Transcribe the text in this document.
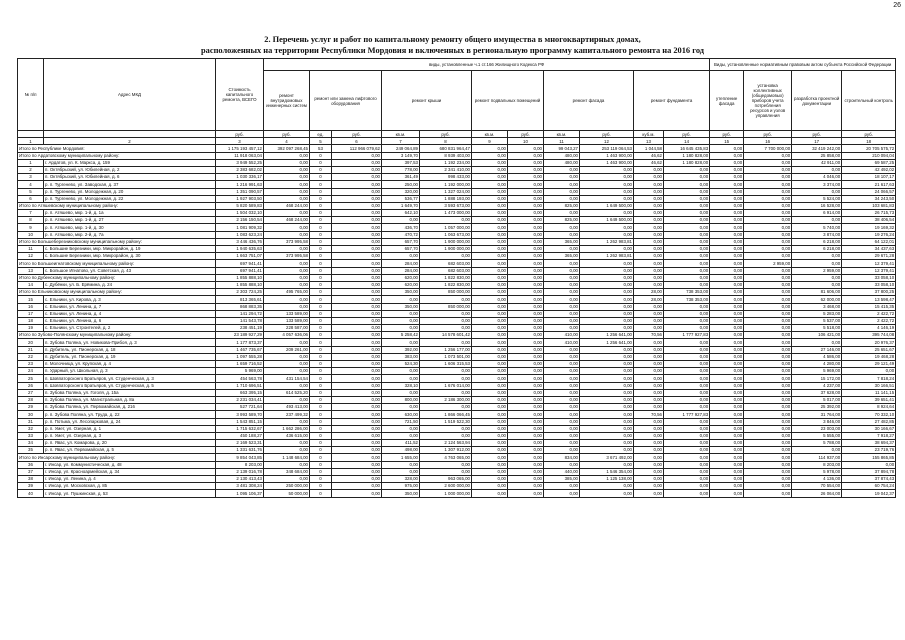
26
2. Перечень услуг и работ по капитальному ремонту общего имущества в многоквартирных домах,
расположенных на территории Республики Мордовия и включенных в региональную программу капитального ремонта на 2016 год
№ п/п	Адрес МКД	Стоимость капитального ремонта, ВСЕГО	виды, установленные ч.1 ст.166 Жилищного Кодекса РФ											Виды, установленные нормативным правовым актом субъекта Российской Федерации			
			ремонт внутридомовых инженерных систем	ремонт или замена лифтового оборудования		ремонт крыши		ремонт подвальных помещений		ремонт фасада		ремонт фундамента		утепление фасада	установка коллективных (общедомовых) приборов учета потребления ресурсов и узлов управления	разработка проектной документации	строительный контроль
		руб.	руб.	ед.	руб.	кв.м.	руб.	кв.м.	руб.	кв.м.	руб.	куб.м.	руб.	руб.	руб.	руб.	руб.
1	2	3	4	5	6	7	8	9	10	11	12	13	14	15	16	17	18
Итого по Республике Мордовия:		1 175 193 457,12	392 097 268,45	53	112 966 079,62	249 064,89	680 831 964,47	0,00	0,00	99 043,27	253 119 064,53	1 044,58	16 645 435,83	0,00	7 700 000,00	32 419 242,00	20 705 575,72
Итого по Ардатовскому муниципальному району:		11 918 063,04	0,00	0	0,00	3 149,70	8 939 403,00	0,00	0,00	480,00	1 463 900,00	46,62	1 180 828,00	0,00	0,00	25 858,00	210 094,04
1	г. Ардатов, ул. К. Маркса, д. 159	3 949 552,25	0,00	0	0,00	397,53	1 192 234,00	0,00	0,00	480,00	1 463 900,00	46,62	1 180 828,00	0,00	0,00	42 911,00	69 587,25
2	п. Октябрьский, ул. Юбилейная, д. 2	2 383 682,02	0,00	0	0,00	778,00	2 341 410,00	0,00	0,00	0,00	0,00	0,00	0,00	0,00	0,00	0,00	42 492,02
3	п. Октябрьский, ул. Юбилейная, д. 6	1 030 336,17	0,00	0	0,00	361,49	998 433,00	0,00	0,00	0,00	0,00	0,00	0,00	0,00	0,00	4 046,00	18 107,17
4	р. п. Тургенево, ул. Заводская, д. 37	1 216 991,63	0,00	0	0,00	250,00	1 192 000,00	0,00	0,00	0,00	0,00	0,00	0,00	0,00	0,00	3 374,00	21 617,63
5	р. п. Тургенево, ул. Молодежная, д. 20	1 351 090,57	0,00	0	0,00	320,00	1 327 024,00	0,00	0,00	0,00	0,00	0,00	0,00	0,00	0,00	0,00	24 066,57
6	р. п. Тургенево, ул. Молодежная, д. 22	1 927 903,50	0,00	0	0,00	536,77	1 888 193,00	0,00	0,00	0,00	0,00	0,00	0,00	0,00	0,00	5 524,00	34 243,50
Итого по Атяшевскому муниципальному району:		5 820 589,83	468 244,00	0	0,00	1 649,70	3 593 673,00	0,00	0,00	825,00	1 649 500,00	0,00	0,00	0,00	0,00	16 528,00	103 681,83
7	р. п. Атяшево, мкр. 1-й, д. 1а	1 504 032,10	0,00	0	0,00	642,10	1 473 000,00	0,00	0,00	0,00	0,00	0,00	0,00	0,00	0,00	6 914,00	26 715,73
8	р. п. Атяшево, мкр. 1-й, д. 27	2 156 150,54	468 244,00	0	0,00	0,00	0,00	0,00	0,00	825,00	1 649 500,00	0,00	0,00	0,00	0,00	0,00	38 406,54
9	р. п. Атяшево, мкр. 1-й, д. 30	1 081 909,32	0,00	0	0,00	436,70	1 057 000,00	0,00	0,00	0,00	0,00	0,00	0,00	0,00	0,00	5 740,00	19 169,32
10	р. п. Атяшево, мкр. 2-й, д. 7а	1 083 623,24	0,00	0	0,00	470,72	1 063 673,00	0,00	0,00	0,00	0,00	0,00	0,00	0,00	0,00	3 874,00	19 276,24
Итого по Большеберезниковскому муниципальному району:		3 446 436,76	373 995,58	0	0,00	657,70	1 900 000,00	0,00	0,00	365,00	1 262 983,81	0,00	0,00	0,00	0,00	6 218,00	64 122,01
11	с. Большие Березники, мкр. Микрорайон, д. 19	1 940 635,63	0,00	0	0,00	657,70	1 900 000,00	0,00	0,00	0,00	0,00	0,00	0,00	0,00	0,00	6 218,00	34 437,63
12	с. Большие Березники, мкр. Микрорайон, д. 30	1 663 751,07	373 995,58	0	0,00	0,00	0,00	0,00	0,00	365,00	1 262 983,81	0,00	0,00	0,00	0,00	0,00	29 671,28
Итого по Большеигнатовскому муниципальному району:		697 941,41	0,00	0	0,00	284,00	682 603,00	0,00	0,00	0,00	0,00	0,00	0,00	0,00	2 959,00	0,00	12 379,41
13	с. Большое Игнатово, ул. Советская, д. 43	697 941,41	0,00	0	0,00	284,00	682 603,00	0,00	0,00	0,00	0,00	0,00	0,00	0,00	0,00	2 959,00	12 379,41
Итого по Дубенскому муниципальному району:		1 855 888,10	0,00	0	0,00	620,00	1 822 830,00	0,00	0,00	0,00	0,00	0,00	0,00	0,00	0,00	0,00	33 058,10
14	с. Дубёнки, ул. Б. Ерёмина, д. 24	1 855 888,10	0,00	0	0,00	620,00	1 822 830,00	0,00	0,00	0,00	0,00	0,00	0,00	0,00	0,00	0,00	33 058,10
Итого по Ельниковскому муниципальному району:		2 303 724,25	495 765,00	0	0,00	350,00	850 000,00	0,00	0,00	0,00	0,00	28,00	738 353,00	0,00	0,00	81 606,00	37 800,25
15	с. Ельники, ул. Кирова, д. 3	813 365,61	0,00	0	0,00	0,00	0,00	0,00	0,00	0,00	0,00	28,00	738 353,00	0,00	0,00	62 000,00	13 598,47
16	с. Ельники, ул. Ленина, д. 7	868 883,35	0,00	0	0,00	350,00	850 000,00	0,00	0,00	0,00	0,00	0,00	0,00	0,00	0,00	3 468,00	15 415,35
17	с. Ельники, ул. Ленина, д. 4	141 294,72	133 589,00	0	0,00	0,00	0,00	0,00	0,00	0,00	0,00	0,00	0,00	0,00	0,00	5 283,00	2 422,72
18	с. Ельники, ул. Ленина, д. 6	141 543,78	133 589,00	0	0,00	0,00	0,00	0,00	0,00	0,00	0,00	0,00	0,00	0,00	0,00	5 537,00	2 422,72
19	с. Ельники, ул. Строителей, д. 2	238 451,19	228 587,00	0	0,00	0,00	0,00	0,00	0,00	0,00	0,00	0,00	0,00	0,00	0,00	5 518,00	4 146,19
Итого по Зубово-Полянскому муниципальному району:		23 189 927,29	4 057 636,06	0	0,00	5 258,42	14 578 601,42	0,00	0,00	410,00	1 256 641,00	70,56	1 777 927,83	0,00	0,00	106 421,00	395 744,08
20	п. Зубова Поляна, ул. Новикова-Прибоя, д. 3	1 177 873,37	0,00	0	0,00	0,00	0,00	0,00	0,00	410,00	1 256 641,00	0,00	0,00	0,00	0,00	0,00	20 976,37
21	п. Дубитель, ул. Пионерская, д. 18	1 467 735,67	209 261,00	0	0,00	392,00	1 256 177,00	0,00	0,00	0,00	0,00	0,00	0,00	0,00	0,00	27 146,00	25 651,67
22	п. Дубитель, ул. Пионерская, д. 19	1 097 555,28	0,00	0	0,00	383,00	1 073 501,00	0,00	0,00	0,00	0,00	0,00	0,00	0,00	0,00	4 586,00	19 468,28
23	п. Молочница, ул. Крупская, д. 4	1 659 716,52	0,00	0	0,00	524,30	1 606 315,53	0,00	0,00	0,00	0,00	0,00	0,00	0,00	0,00	4 280,00	29 121,49
24	п. Ударный, ул. Школьная, д. 3	5 969,00	0,00	0	0,00	0,00	0,00	0,00	0,00	0,00	0,00	0,00	0,00	0,00	0,00	5 969,00	0,00
25	п. Шовпаторсконго Братьяров, ул. Студенческая, д. 3	454 563,78	431 154,54	0	0,00	0,00	0,00	0,00	0,00	0,00	0,00	0,00	0,00	0,00	0,00	15 172,00	7 818,24
26	п. Шовпаторсконго Братьяров, ул. Студенческая, д. 5	1 710 696,51	0,00	0	0,00	328,10	1 676 014,00	0,00	0,00	0,00	0,00	0,00	0,00	0,00	0,00	4 237,00	30 166,51
27	п. Зубова Поляна, ул. Гоголя, д. 15а	663 395,15	614 525,20	0	0,00	0,00	0,00	0,00	0,00	0,00	0,00	0,00	0,00	0,00	0,00	37 628,00	11 141,15
28	п. Зубова Поляна, ул. Магистральная, д. 8а	2 231 034,41	0,00	0	0,00	800,00	2 186 300,00	0,00	0,00	0,00	0,00	0,00	0,00	0,00	0,00	5 017,00	39 651,41
29	п. Зубова Поляна, ул. Первомайская, д. 216	527 721,64	493 413,00	0	0,00	0,00	0,00	0,00	0,00	0,00	0,00	0,00	0,00	0,00	0,00	25 392,00	8 924,64
30	р. п. Зубова Поляна, ул. Труда, д. 22	3 993 589,70	237 499,32	0	0,00	630,00	1 866 066,45	0,00	0,00	0,00	0,00	70,56	1 777 927,83	0,00	0,00	31 764,00	70 332,10
31	р. п. Потьма, ул. Лесопарковая, д. 24	1 543 851,15	0,00	0	0,00	721,50	1 519 522,30	0,00	0,00	0,00	0,00	0,00	0,00	0,00	0,00	3 846,00	27 482,85
32	р. п. Умет, ул. Озерная, д. 1	1 715 632,67	1 662 286,00	0	0,00	0,00	0,00	0,00	0,00	0,00	0,00	0,00	0,00	0,00	0,00	23 003,00	30 166,67
33	р. п. Умет, ул. Озерная, д. 3	450 188,27	436 615,00	0	0,00	0,00	0,00	0,00	0,00	0,00	0,00	0,00	0,00	0,00	0,00	5 555,00	7 918,27
34	р. п. Явас, ул. Комарова, д. 20	2 169 523,31	0,00	0	0,00	411,52	2 124 563,94	0,00	0,00	0,00	0,00	0,00	0,00	0,00	0,00	5 788,00	38 694,37
35	р. п. Явас, ул. Первомайская, д. 5	1 331 631,76	0,00	0	0,00	498,00	1 307 912,00	0,00	0,00	0,00	0,00	0,00	0,00	0,00	0,00	0,00	23 719,76
Итого по Инсарскому муниципальному району:		9 854 043,85	1 148 684,00	0	0,00	1 655,00	4 763 065,00	0,00	0,00	834,00	3 671 492,00	0,00	0,00	0,00	0,00	114 937,00	155 865,85
36	г. Инсар, ул. Коммунистическая, д. 48	8 203,00	0,00	0	0,00	0,00	0,00	0,00	0,00	0,00	0,00	0,00	0,00	0,00	0,00	8 203,00	0,00
37	г. Инсар, ул. Красноармейская, д. 34	2 139 016,78	348 684,00	0	0,00	0,00	0,00	0,00	0,00	440,00	1 546 354,00	0,00	0,00	0,00	0,00	5 978,00	37 894,78
38	г. Инсар, ул. Ленина, д. 4	2 130 413,43	0,00	0	0,00	328,00	963 065,00	0,00	0,00	385,00	1 125 138,00	0,00	0,00	0,00	0,00	4 136,00	37 874,43
39	г. Инсар, ул. Московская, д. 85	3 481 308,24	250 000,00	0	0,00	975,00	2 600 000,00	0,00	0,00	0,00	0,00	0,00	0,00	0,00	0,00	70 554,00	60 754,24
40	г. Инсар, ул. Пушкинская, д. 53	1 095 106,37	50 000,00	0	0,00	350,00	1 000 000,00	0,00	0,00	0,00	0,00	0,00	0,00	0,00	0,00	26 064,00	19 042,37
